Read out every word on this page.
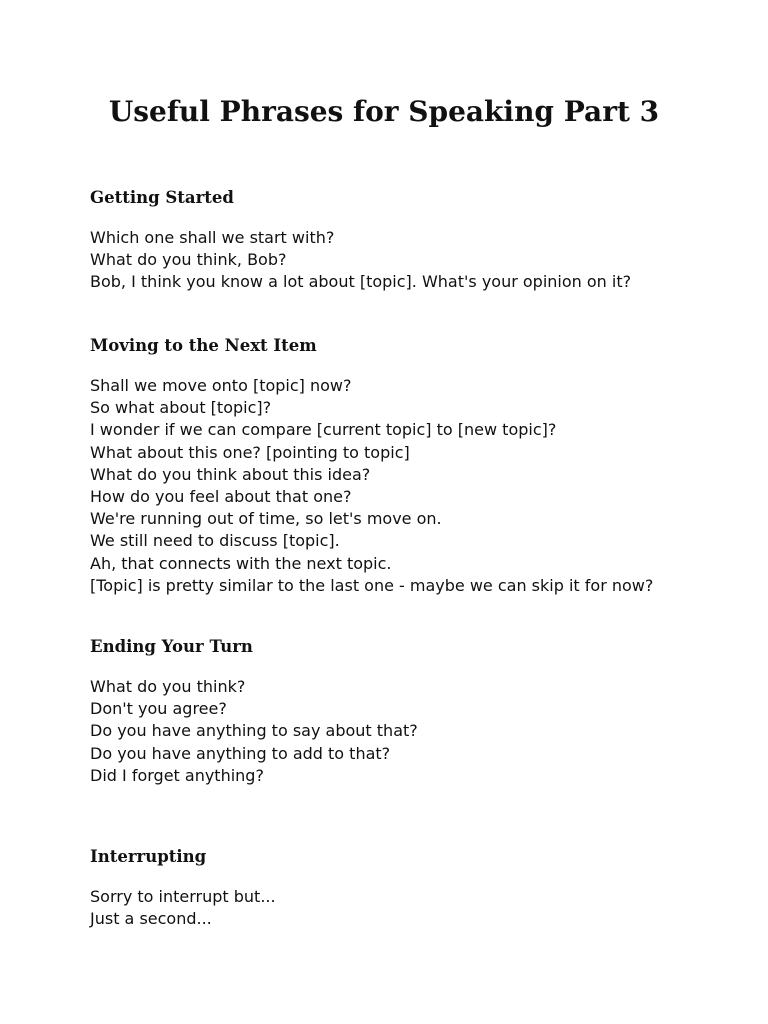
Useful Phrases for Speaking Part 3
Getting Started

Which one shall we start with?

What do you think, Bob?

Bob, I think you know a lot about [topic]. What's your opinion on it?

Moving to the Next Item

Shall we move onto [topic] now?

So what about [topic]?

I wonder if we can compare [current topic] to [new topic]?

What about this one? [pointing to topic]

What do you think about this idea?

How do you feel about that one?

We're running out of time, so let's move on.

We still need to discuss [topic].

Ah, that connects with the next topic.

[Topic] is pretty similar to the last one - maybe we can skip it for now?

Ending Your Turn

What do you think?

Don't you agree?

Do you have anything to say about that?

Do you have anything to add to that?

Did I forget anything?

Interrupting

Sorry to interrupt but...

Just a second...
